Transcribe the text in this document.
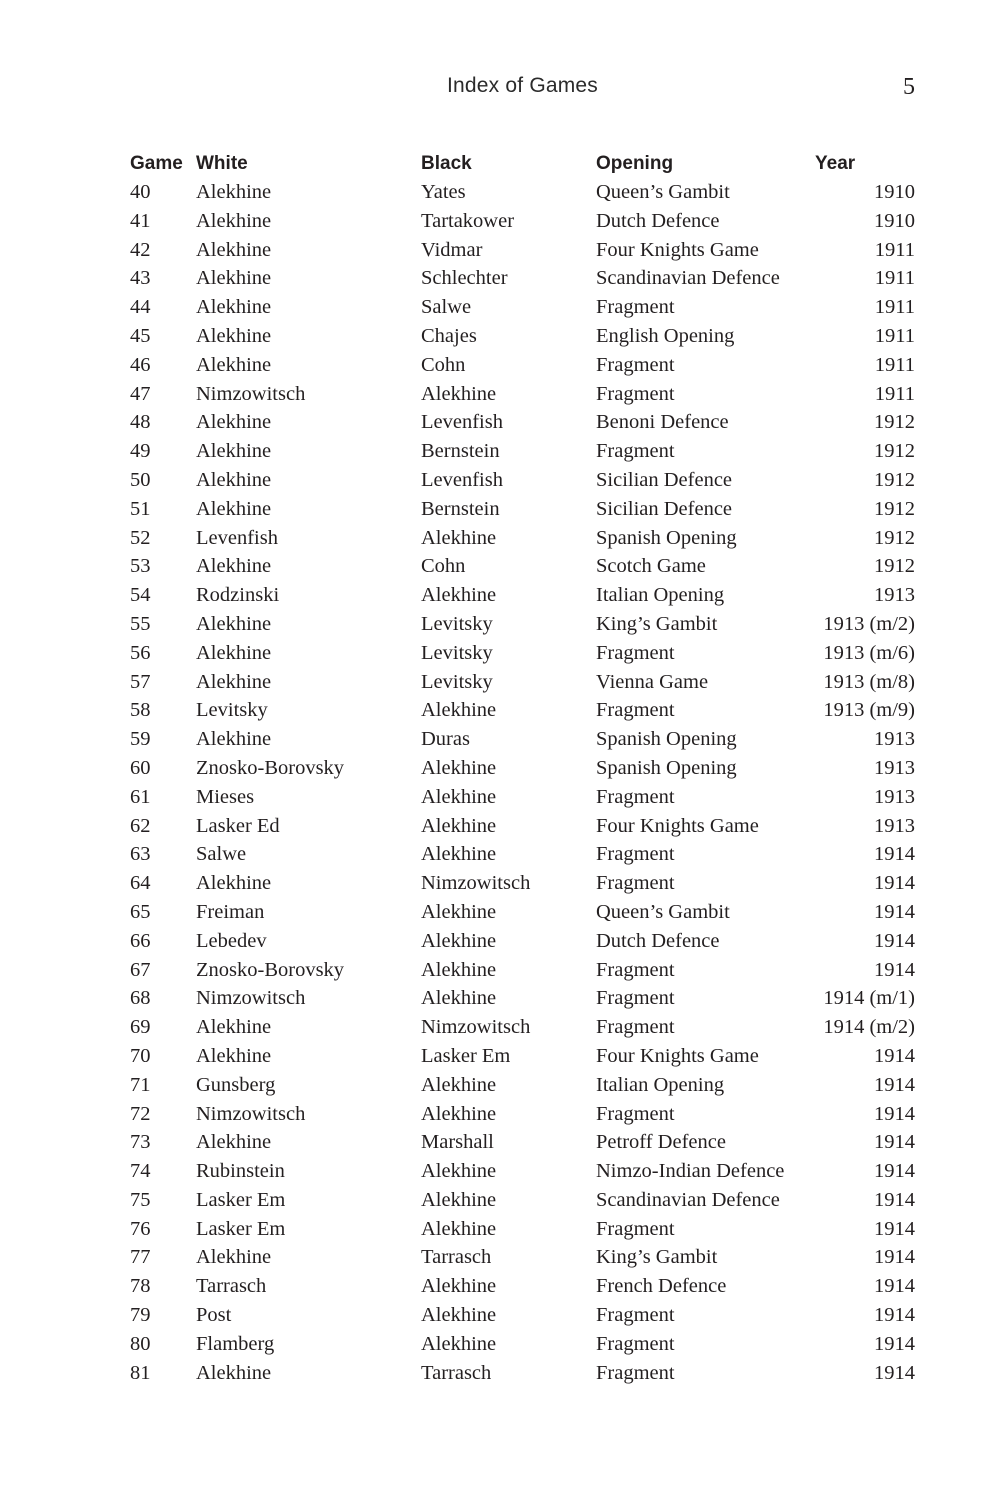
Index of Games	5
Game	White	Black	Opening	Year
40	Alekhine	Yates	Queen’s Gambit	1910
41	Alekhine	Tartakower	Dutch Defence	1910
42	Alekhine	Vidmar	Four Knights Game	1911
43	Alekhine	Schlechter	Scandinavian Defence	1911
44	Alekhine	Salwe	Fragment	1911
45	Alekhine	Chajes	English Opening	1911
46	Alekhine	Cohn	Fragment	1911
47	Nimzowitsch	Alekhine	Fragment	1911
48	Alekhine	Levenfish	Benoni Defence	1912
49	Alekhine	Bernstein	Fragment	1912
50	Alekhine	Levenfish	Sicilian Defence	1912
51	Alekhine	Bernstein	Sicilian Defence	1912
52	Levenfish	Alekhine	Spanish Opening	1912
53	Alekhine	Cohn	Scotch Game	1912
54	Rodzinski	Alekhine	Italian Opening	1913
55	Alekhine	Levitsky	King’s Gambit	1913 (m/2)
56	Alekhine	Levitsky	Fragment	1913 (m/6)
57	Alekhine	Levitsky	Vienna Game	1913 (m/8)
58	Levitsky	Alekhine	Fragment	1913 (m/9)
59	Alekhine	Duras	Spanish Opening	1913
60	Znosko-Borovsky	Alekhine	Spanish Opening	1913
61	Mieses	Alekhine	Fragment	1913
62	Lasker Ed	Alekhine	Four Knights Game	1913
63	Salwe	Alekhine	Fragment	1914
64	Alekhine	Nimzowitsch	Fragment	1914
65	Freiman	Alekhine	Queen’s Gambit	1914
66	Lebedev	Alekhine	Dutch Defence	1914
67	Znosko-Borovsky	Alekhine	Fragment	1914
68	Nimzowitsch	Alekhine	Fragment	1914 (m/1)
69	Alekhine	Nimzowitsch	Fragment	1914 (m/2)
70	Alekhine	Lasker Em	Four Knights Game	1914
71	Gunsberg	Alekhine	Italian Opening	1914
72	Nimzowitsch	Alekhine	Fragment	1914
73	Alekhine	Marshall	Petroff Defence	1914
74	Rubinstein	Alekhine	Nimzo-Indian Defence	1914
75	Lasker Em	Alekhine	Scandinavian Defence	1914
76	Lasker Em	Alekhine	Fragment	1914
77	Alekhine	Tarrasch	King’s Gambit	1914
78	Tarrasch	Alekhine	French Defence	1914
79	Post	Alekhine	Fragment	1914
80	Flamberg	Alekhine	Fragment	1914
81	Alekhine	Tarrasch	Fragment	1914
